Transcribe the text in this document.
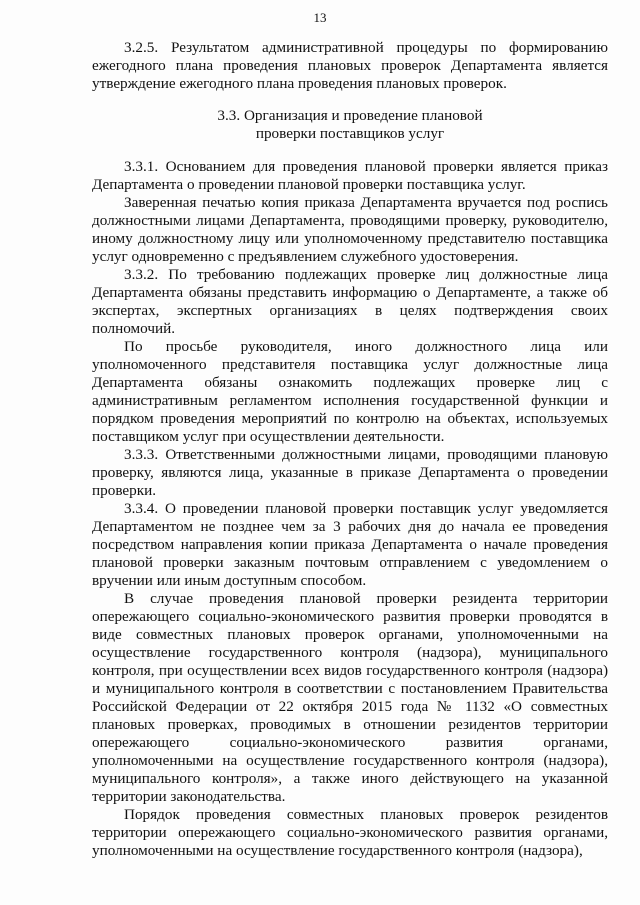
13

3.2.5. Результатом административной процедуры по формированию ежегодного плана проведения плановых проверок Департамента является утверждение ежегодного плана проведения плановых проверок.

3.3. Организация и проведение плановой
проверки поставщиков услуг

3.3.1. Основанием для проведения плановой проверки является приказ Департамента о проведении плановой проверки поставщика услуг.

Заверенная печатью копия приказа Департамента вручается под роспись должностными лицами Департамента, проводящими проверку, руководителю, иному должностному лицу или уполномоченному представителю поставщика услуг одновременно с предъявлением служебного удостоверения.

3.3.2. По требованию подлежащих проверке лиц должностные лица Департамента обязаны представить информацию о Департаменте, а также об экспертах, экспертных организациях в целях подтверждения своих полномочий.

По просьбе руководителя, иного должностного лица или уполномоченного представителя поставщика услуг должностные лица Департамента обязаны ознакомить подлежащих проверке лиц с административным регламентом исполнения государственной функции и порядком проведения мероприятий по контролю на объектах, используемых поставщиком услуг при осуществлении деятельности.

3.3.3. Ответственными должностными лицами, проводящими плановую проверку, являются лица, указанные в приказе Департамента о проведении проверки.

3.3.4. О проведении плановой проверки поставщик услуг уведомляется Департаментом не позднее чем за 3 рабочих дня до начала ее проведения посредством направления копии приказа Департамента о начале проведения плановой проверки заказным почтовым отправлением с уведомлением о вручении или иным доступным способом.

В случае проведения плановой проверки резидента территории опережающего социально-экономического развития проверки проводятся в виде совместных плановых проверок органами, уполномоченными на осуществление государственного контроля (надзора), муниципального контроля, при осуществлении всех видов государственного контроля (надзора) и муниципального контроля в соответствии с постановлением Правительства Российской Федерации от 22 октября 2015 года № 1132 «О совместных плановых проверках, проводимых в отношении резидентов территории опережающего социально-экономического развития органами, уполномоченными на осуществление государственного контроля (надзора), муниципального контроля», а также иного действующего на указанной территории законодательства.

Порядок проведения совместных плановых проверок резидентов территории опережающего социально-экономического развития органами, уполномоченными на осуществление государственного контроля (надзора),
